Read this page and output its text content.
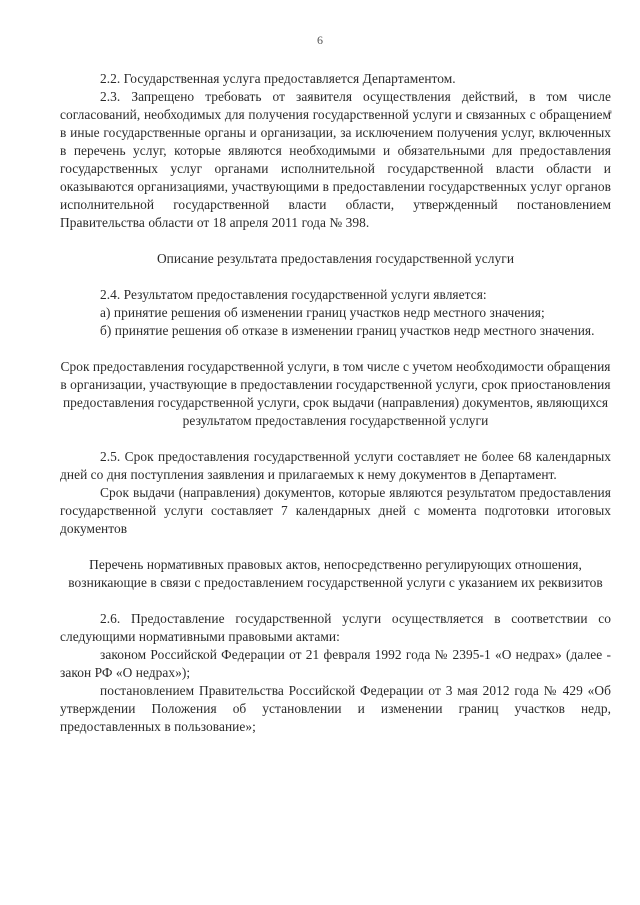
6

2.2. Государственная услуга предоставляется Департаментом.

2.3. Запрещено требовать от заявителя осуществления действий, в том числе согласований, необходимых для получения государственной услуги и связанных с обращением в иные государственные органы и организации, за исключением получения услуг, включенных в перечень услуг, которые являются необходимыми и обязательными для предоставления государственных услуг органами исполнительной государственной власти области и оказываются организациями, участвующими в предоставлении государственных услуг органов исполнительной государственной власти области, утвержденный постановлением Правительства области от 18 апреля 2011 года № 398.

Описание результата предоставления государственной услуги

2.4. Результатом предоставления государственной услуги является:

а) принятие решения об изменении границ участков недр местного значения;

б) принятие решения об отказе в изменении границ участков недр местного значения.

Срок предоставления государственной услуги, в том числе с учетом необходимости обращения в организации, участвующие в предоставлении государственной услуги, срок приостановления предоставления государственной услуги, срок выдачи (направления) документов, являющихся результатом предоставления государственной услуги

2.5. Срок предоставления государственной услуги составляет не более 68 календарных дней со дня поступления заявления и прилагаемых к нему документов в Департамент.

Срок выдачи (направления) документов, которые являются результатом предоставления государственной услуги составляет 7 календарных дней с момента подготовки итоговых документов

Перечень нормативных правовых актов, непосредственно регулирующих отношения, возникающие в связи с предоставлением государственной услуги с указанием их реквизитов

2.6. Предоставление государственной услуги осуществляется в соответствии со следующими нормативными правовыми актами:

законом Российской Федерации от 21 февраля 1992 года № 2395-1 «О недрах» (далее - закон РФ «О недрах»);

постановлением Правительства Российской Федерации от 3 мая 2012 года № 429 «Об утверждении Положения об установлении и изменении границ участков недр, предоставленных в пользование»;
